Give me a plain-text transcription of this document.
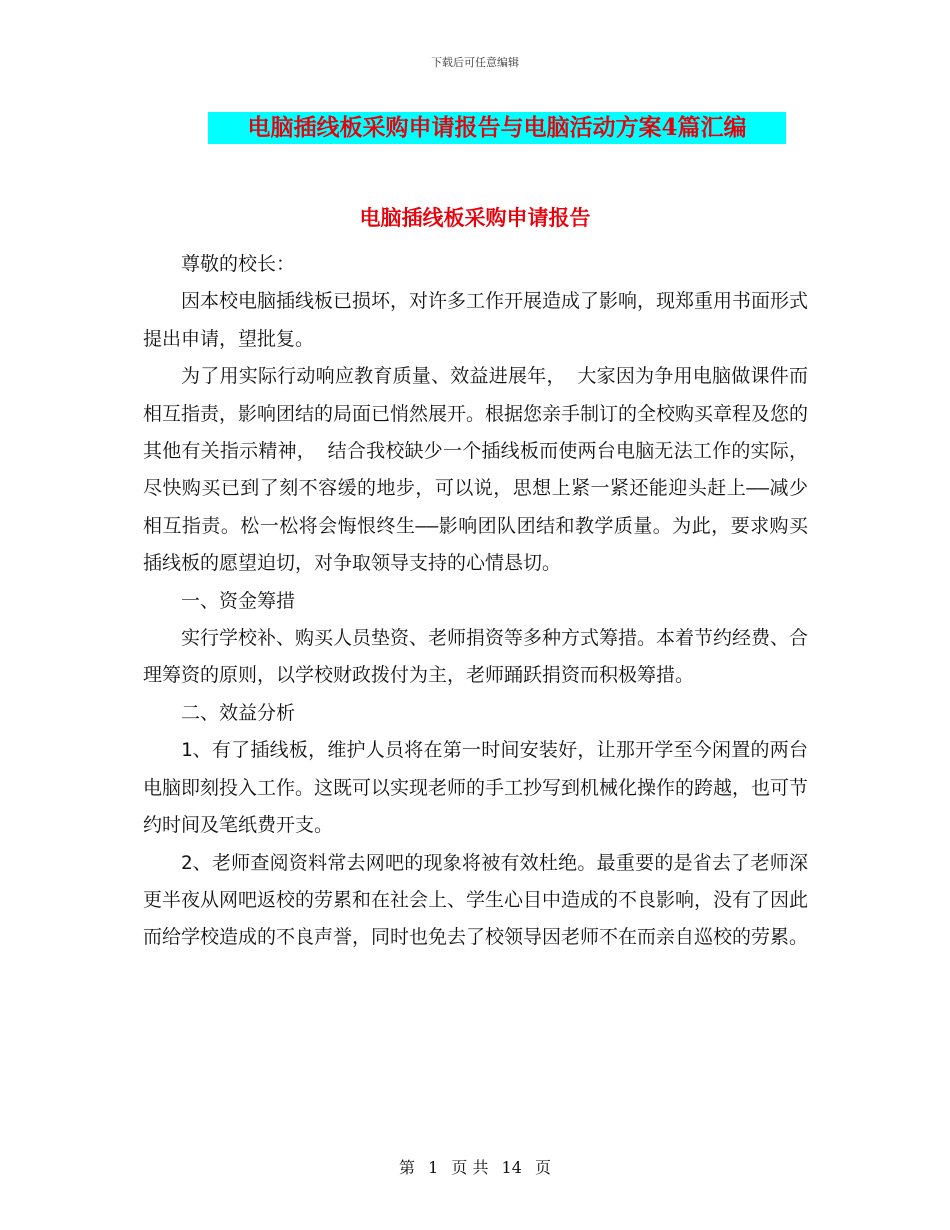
下载后可任意编辑
电脑插线板采购申请报告与电脑活动方案4篇汇编
电脑插线板采购申请报告

尊敬的校长：

因本校电脑插线板已损坏，对许多工作开展造成了影响，现郑重用书面形式提出申请，望批复。

为了用实际行动响应教育质量、效益进展年， 大家因为争用电脑做课件而相互指责，影响团结的局面已悄然展开。根据您亲手制订的全校购买章程及您的其他有关指示精神， 结合我校缺少一个插线板而使两台电脑无法工作的实际，尽快购买已到了刻不容缓的地步，可以说，思想上紧一紧还能迎头赶上——减少相互指责。松一松将会悔恨终生——影响团队团结和教学质量。为此，要求购买插线板的愿望迫切，对争取领导支持的心情恳切。

一、资金筹措

实行学校补、购买人员垫资、老师捐资等多种方式筹措。本着节约经费、合理筹资的原则，以学校财政拨付为主，老师踊跃捐资而积极筹措。

二、效益分析

1、有了插线板，维护人员将在第一时间安装好，让那开学至今闲置的两台电脑即刻投入工作。这既可以实现老师的手工抄写到机械化操作的跨越，也可节约时间及笔纸费开支。

2、老师查阅资料常去网吧的现象将被有效杜绝。最重要的是省去了老师深更半夜从网吧返校的劳累和在社会上、学生心目中造成的不良影响，没有了因此而给学校造成的不良声誉，同时也免去了校领导因老师不在而亲自巡校的劳累。

第 1 页 共 14 页
